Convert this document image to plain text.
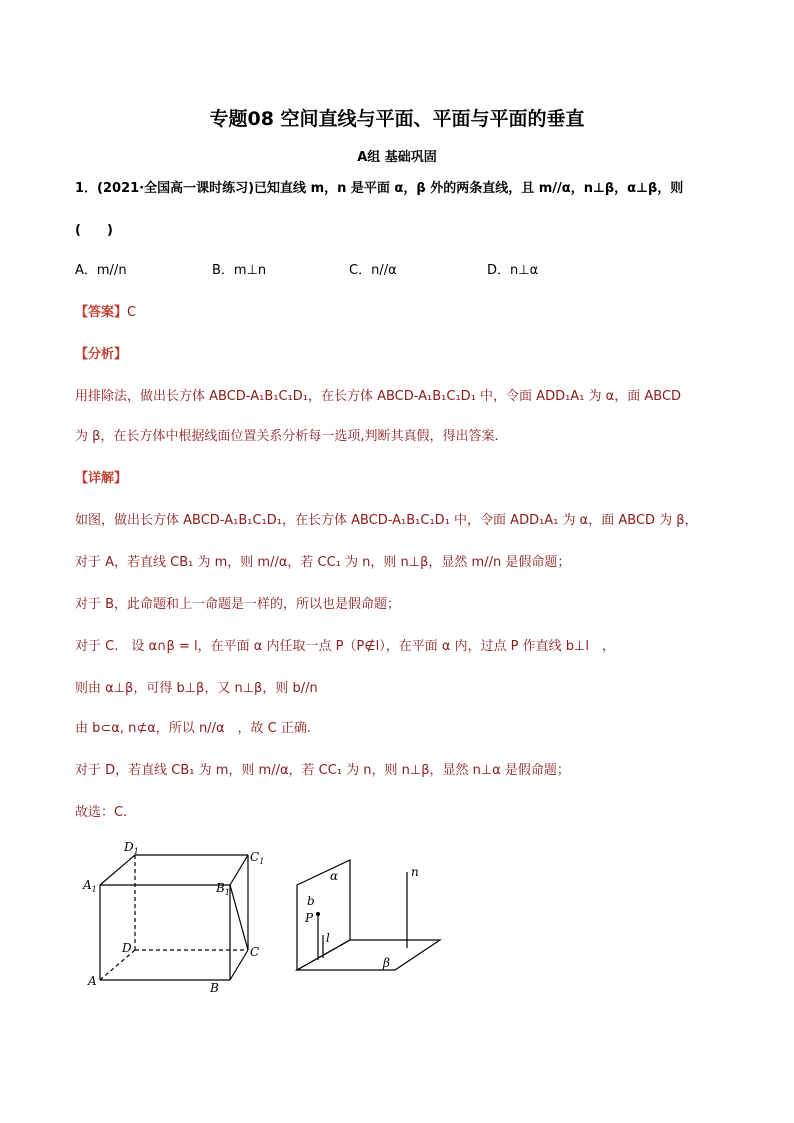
专题08 空间直线与平面、平面与平面的垂直
A组 基础巩固
1．(2021·全国高一课时练习)已知直线 m，n 是平面 α，β 外的两条直线，且 m//α，n⊥β，α⊥β，则
(　　)
A．m//n	B．m⊥n	C．n//α	D．n⊥α
【答案】C
【分析】
用排除法，做出长方体 ABCD-A₁B₁C₁D₁，在长方体 ABCD-A₁B₁C₁D₁ 中，令面 ADD₁A₁ 为 α，面 ABCD
为 β，在长方体中根据线面位置关系分析每一选项,判断其真假，得出答案.
【详解】
如图，做出长方体 ABCD-A₁B₁C₁D₁，在长方体 ABCD-A₁B₁C₁D₁ 中，令面 ADD₁A₁ 为 α，面 ABCD 为 β，
对于 A，若直线 CB₁ 为 m，则 m//α，若 CC₁ 为 n，则 n⊥β，显然 m//n 是假命题；
对于 B，此命题和上一命题是一样的，所以也是假命题；
对于 C.　设 α∩β = l，在平面 α 内任取一点 P（P∉l），在平面 α 内，过点 P 作直线 b⊥l　，
则由 α⊥β，可得 b⊥β，又 n⊥β，则 b//n
由 b⊂α, n⊄α，所以 n//α　，故 C 正确.
对于 D，若直线 CB₁ 为 m，则 m//α，若 CC₁ 为 n，则 n⊥β，显然 n⊥α 是假命题；
故选：C.
$D_1$	$C_1$
$A_1$	$B_1$
D	C
A	B
α	n
b
P
l
β
